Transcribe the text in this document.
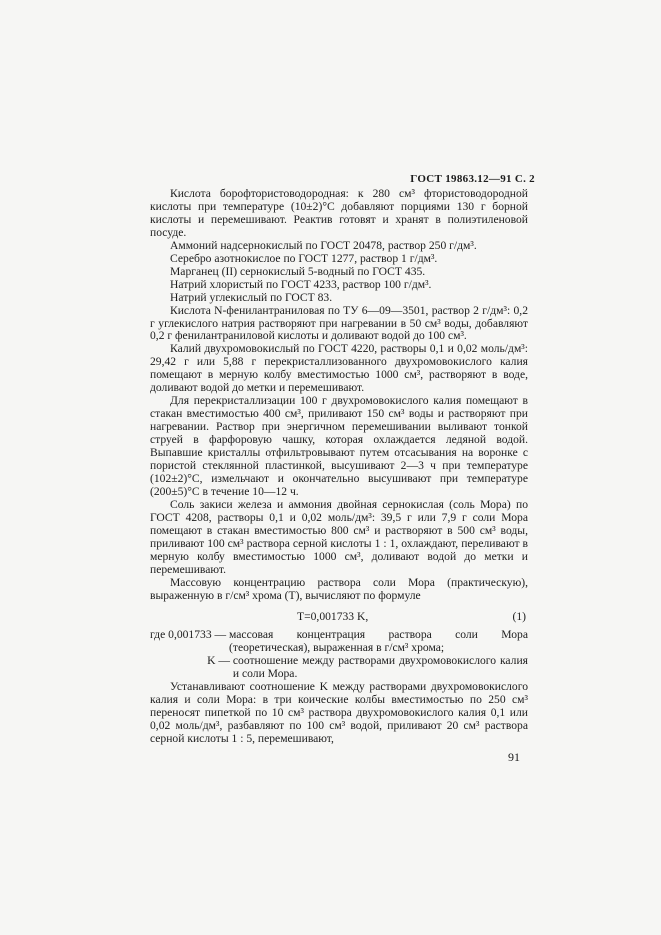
ГОСТ 19863.12—91 С. 2

Кислота борофтористоводородная: к 280 см³ фтористоводородной кислоты при температуре (10±2)°С добавляют порциями 130 г борной кислоты и перемешивают. Реактив готовят и хранят в полиэтиленовой посуде.

Аммоний надсернокислый по ГОСТ 20478, раствор 250 г/дм³.

Серебро азотнокислое по ГОСТ 1277, раствор 1 г/дм³.

Марганец (II) сернокислый 5-водный по ГОСТ 435.

Натрий хлористый по ГОСТ 4233, раствор 100 г/дм³.

Натрий углекислый по ГОСТ 83.

Кислота N-фенилантраниловая по ТУ 6—09—3501, раствор 2 г/дм³: 0,2 г углекислого натрия растворяют при нагревании в 50 см³ воды, добавляют 0,2 г фенилантраниловой кислоты и доливают водой до 100 см³.

Калий двухромовокислый по ГОСТ 4220, растворы 0,1 и 0,02 моль/дм³: 29,42 г или 5,88 г перекристаллизованного двухромовокислого калия помещают в мерную колбу вместимостью 1000 см³, растворяют в воде, доливают водой до метки и перемешивают.

Для перекристаллизации 100 г двухромовокислого калия помещают в стакан вместимостью 400 см³, приливают 150 см³ воды и растворяют при нагревании. Раствор при энергичном перемешивании выливают тонкой струей в фарфоровую чашку, которая охлаждается ледяной водой. Выпавшие кристаллы отфильтровывают путем отсасывания на воронке с пористой стеклянной пластинкой, высушивают 2—3 ч при температуре (102±2)°С, измельчают и окончательно высушивают при температуре (200±5)°С в течение 10—12 ч.

Соль закиси железа и аммония двойная сернокислая (соль Мора) по ГОСТ 4208, растворы 0,1 и 0,02 моль/дм³: 39,5 г или 7,9 г соли Мора помещают в стакан вместимостью 800 см³ и растворяют в 500 см³ воды, приливают 100 см³ раствора серной кислоты 1 : 1, охлаждают, переливают в мерную колбу вместимостью 1000 см³, доливают водой до метки и перемешивают.

Массовую концентрацию раствора соли Мора (практическую), выраженную в г/см³ хрома (T), вычисляют по формуле

T=0,001733 K,	(1)
где
0,001733 —
массовая концентрация раствора соли Мора (теоретическая), выраженная в г/см³ хрома;
K —
соотношение между растворами двухромовокислого калия и соли Мора.

Устанавливают соотношение K между растворами двухромовокислого калия и соли Мора: в три коические колбы вместимостью по 250 см³ переносят пипеткой по 10 см³ раствора двухромовокислого калия 0,1 или 0,02 моль/дм³, разбавляют по 100 см³ водой, приливают 20 см³ раствора серной кислоты 1 : 5, перемешивают,

91
